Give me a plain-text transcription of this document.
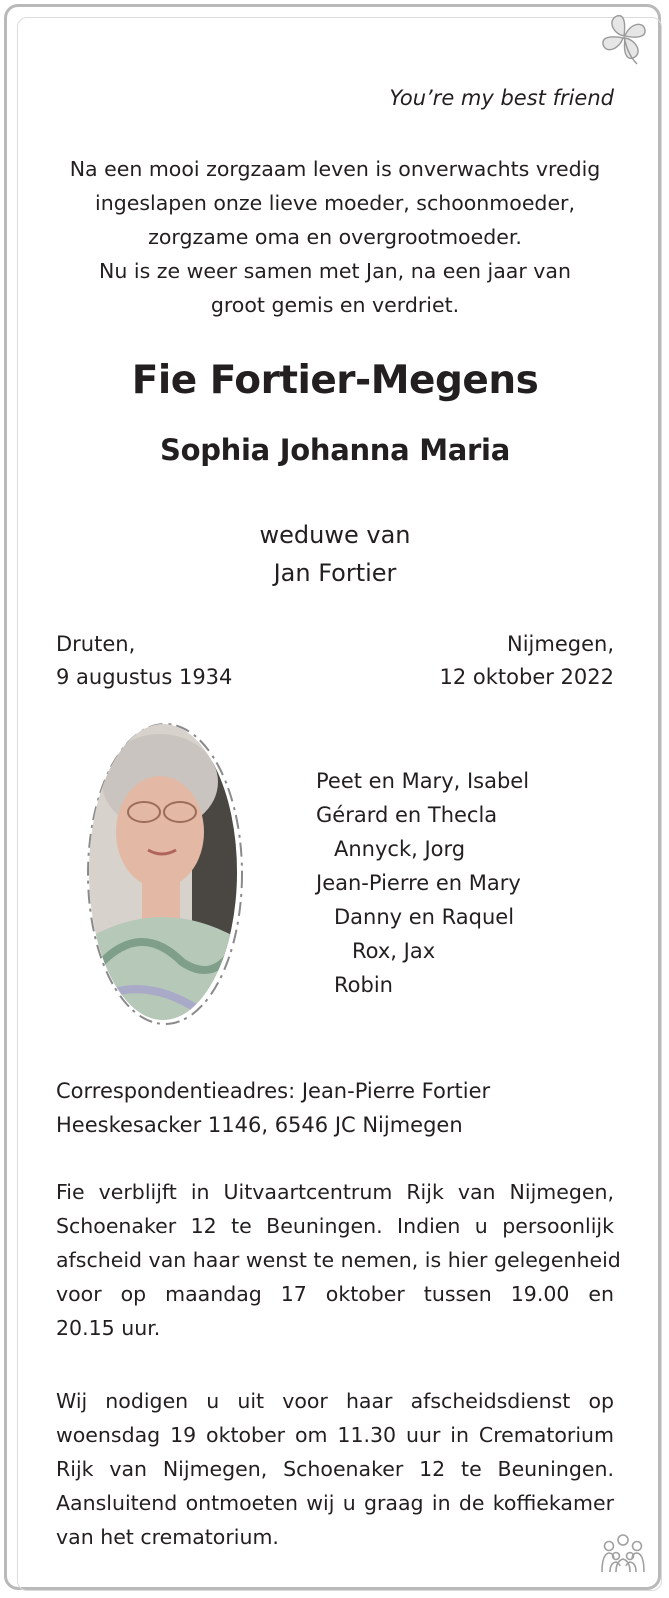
You’re my best friend
Na een mooi zorgzaam leven is onverwachts vredig
ingeslapen onze lieve moeder, schoonmoeder,
zorgzame oma en overgrootmoeder.
Nu is ze weer samen met Jan, na een jaar van
groot gemis en verdriet.
Fie Fortier-Megens
Sophia Johanna Maria
weduwe van
Jan Fortier
Druten,
9 augustus 1934
Nijmegen,
12 oktober 2022
Peet en Mary, Isabel
Gérard en Thecla
Annyck, Jorg
Jean-Pierre en Mary
Danny en Raquel
Rox, Jax
Robin
Correspondentieadres: Jean-Pierre Fortier
Heeskesacker 1146, 6546 JC Nijmegen
Fie verblijft in Uitvaartcentrum Rijk van Nijmegen,
Schoenaker 12 te Beuningen. Indien u persoonlijk
afscheid van haar wenst te nemen, is hier gelegenheid
voor op maandag 17 oktober tussen 19.00 en
20.15 uur.
Wij nodigen u uit voor haar afscheidsdienst op
woensdag 19 oktober om 11.30 uur in Crematorium
Rijk van Nijmegen, Schoenaker 12 te Beuningen.
Aansluitend ontmoeten wij u graag in de koffiekamer
van het crematorium.
